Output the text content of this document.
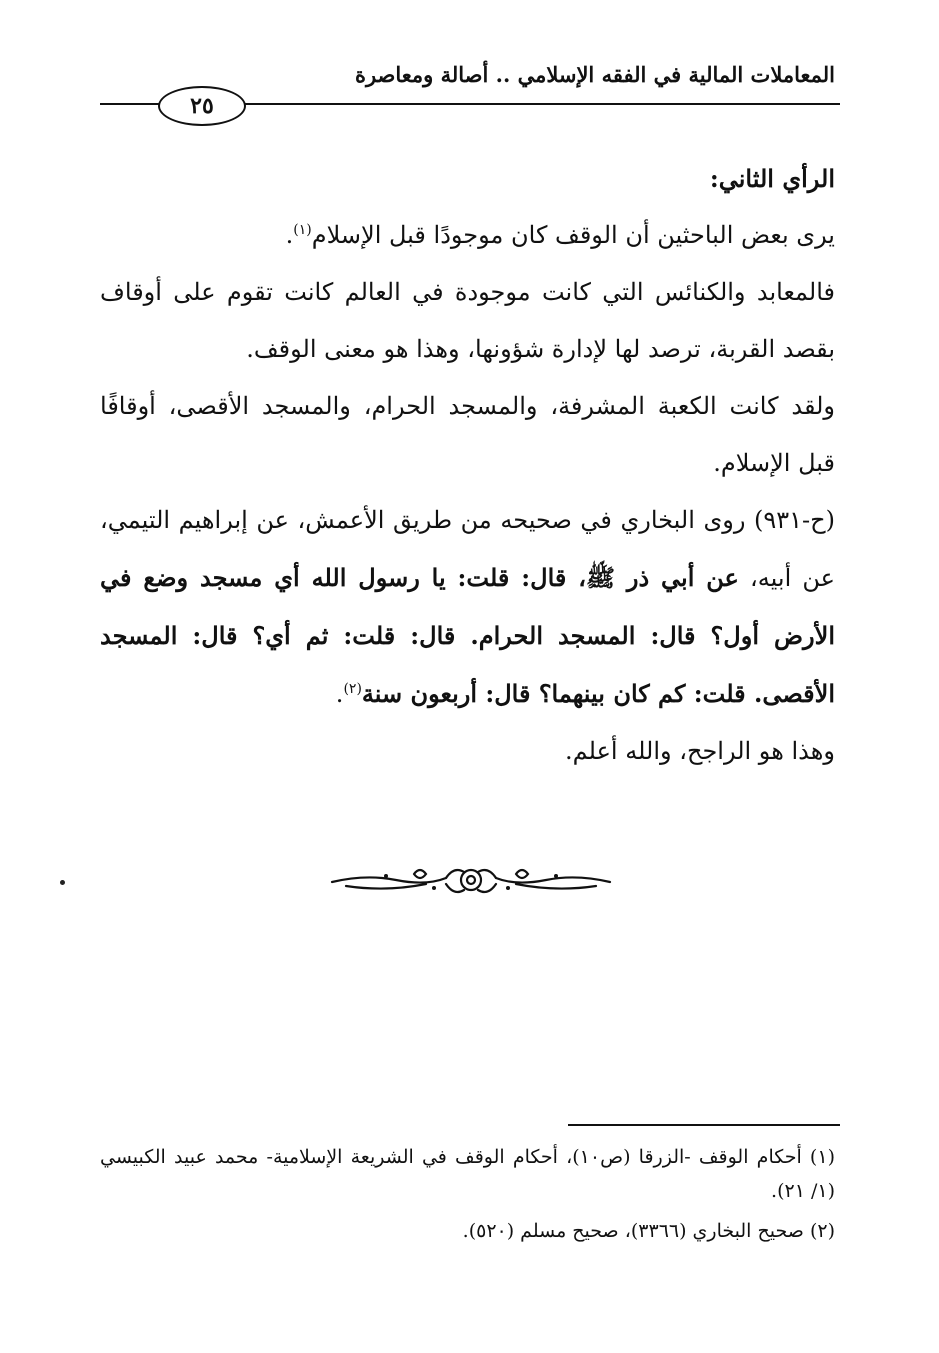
المعاملات المالية في الفقه الإسلامي .. أصالة ومعاصرة
٢٥

الرأي الثاني:

يرى بعض الباحثين أن الوقف كان موجودًا قبل الإسلام$^{(١)}$.

فالمعابد والكنائس التي كانت موجودة في العالم كانت تقوم على أوقاف بقصد القربة، ترصد لها لإدارة شؤونها، وهذا هو معنى الوقف.

ولقد كانت الكعبة المشرفة، والمسجد الحرام، والمسجد الأقصى، أوقافًا قبل الإسلام.

(ح-٩٣١) روى البخاري في صحيحه من طريق الأعمش، عن إبراهيم التيمي، عن أبيه، عن أبي ذر ﷺ، قال: قلت: يا رسول الله أي مسجد وضع في الأرض أول؟ قال: المسجد الحرام. قال: قلت: ثم أي؟ قال: المسجد الأقصى. قلت: كم كان بينهما؟ قال: أربعون سنة$^{(٢)}$.

وهذا هو الراجح، والله أعلم.

(١) أحكام الوقف -الزرقا (ص١٠)، أحكام الوقف في الشريعة الإسلامية- محمد عبيد الكبيسي (١/ ٢١).

(٢) صحيح البخاري (٣٣٦٦)، صحيح مسلم (٥٢٠).
